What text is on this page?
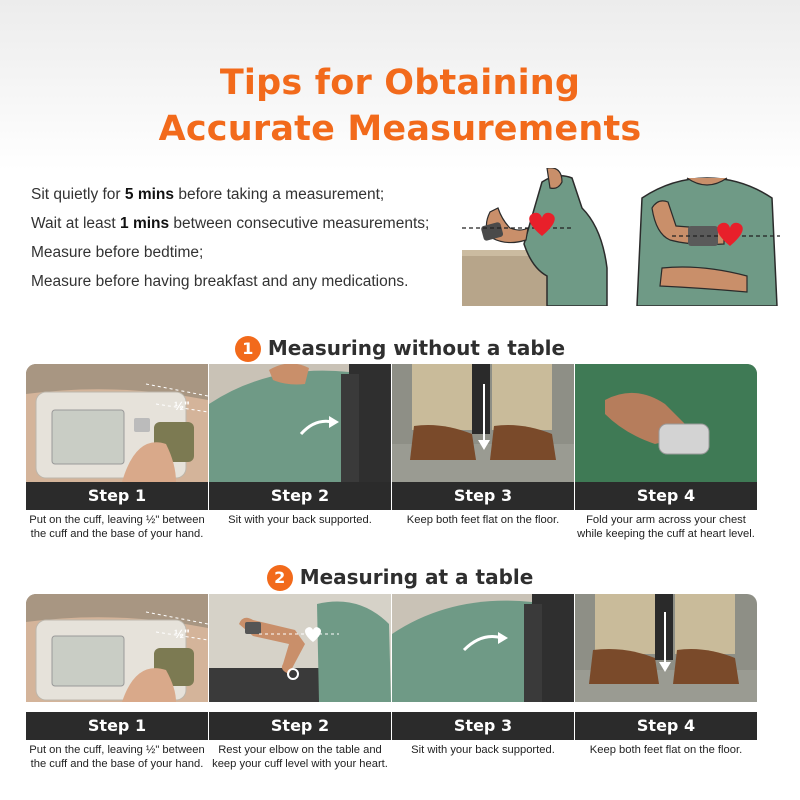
Tips for Obtaining
Accurate Measurements
Sit quietly for 5 mins before taking a measurement;
Wait at least 1 mins between consecutive measurements;
Measure before bedtime;
Measure before having breakfast and any medications.
1 Measuring without a table
½"
Step 1
Put on the cuff, leaving ½" between the cuff and the base of your hand.
Step 2
Sit with your back supported.
Step 3
Keep both feet flat on the floor.
Step 4
Fold your arm across your chest while keeping the cuff at heart level.
2 Measuring at a table
½"
Step 1
Put on the cuff, leaving ½" between the cuff and the base of your hand.
Step 2
Rest your elbow on the table and keep your cuff level with your heart.
Step 3
Sit with your back supported.
Step 4
Keep both feet flat on the floor.
